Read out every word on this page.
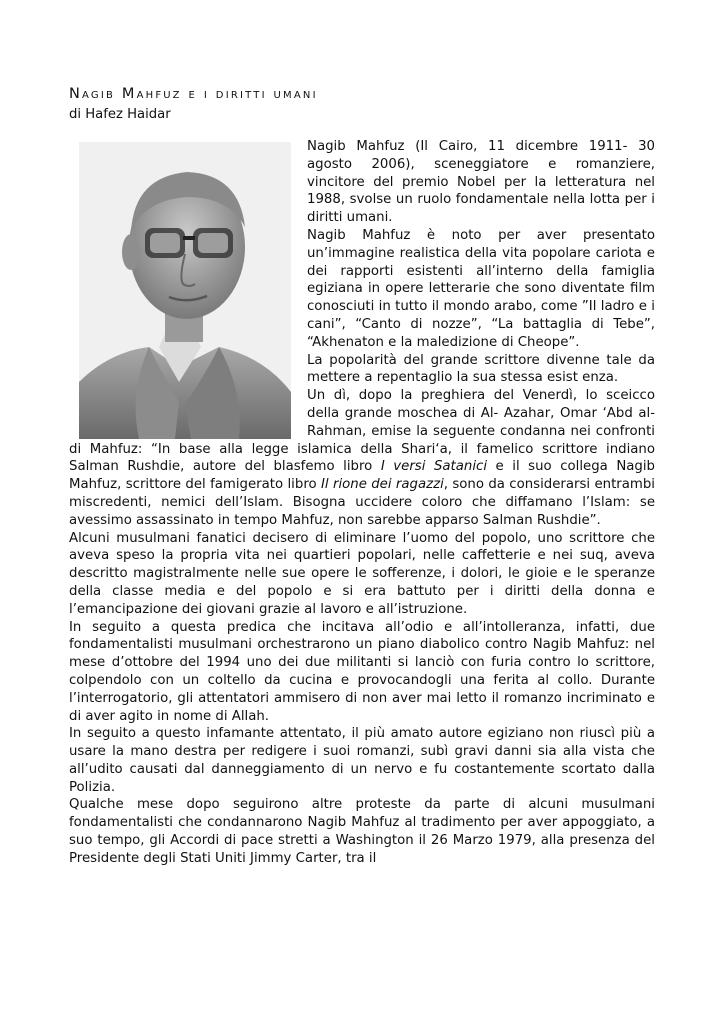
Nagib Mahfuz e i diritti umani
di Hafez Haidar

Nagib Mahfuz (Il Cairo, 11 dicembre 1911- 30 agosto 2006), sceneggiatore e romanziere, vincitore del premio Nobel per la letteratura nel 1988, svolse un ruolo fondamentale nella lotta per i diritti umani.

Nagib Mahfuz è noto per aver presentato un’immagine realistica della vita popolare cariota e dei rapporti esistenti all’interno della famiglia egiziana in opere letterarie che sono diventate film conosciuti in tutto il mondo arabo, come ”Il ladro e i cani”, “Canto di nozze”, “La battaglia di Tebe”, “Akhenaton e la maledizione di Cheope”.

La popolarità del grande scrittore divenne tale da mettere a repentaglio la sua stessa esist enza.

Un dì, dopo la preghiera del Venerdì, lo sceicco della grande moschea di Al- Azahar, Omar ‘Abd al- Rahman, emise la seguente condanna nei confronti di Mahfuz: “In base alla legge islamica della Shari‘a, il famelico scrittore indiano Salman Rushdie, autore del blasfemo libro I versi Satanici e il suo collega Nagib Mahfuz, scrittore del famigerato libro Il rione dei ragazzi, sono da considerarsi entrambi miscredenti, nemici dell’Islam. Bisogna uccidere coloro che diffamano l’Islam: se avessimo assassinato in tempo Mahfuz, non sarebbe apparso Salman Rushdie”.

Alcuni musulmani fanatici decisero di eliminare l’uomo del popolo, uno scrittore che aveva speso la propria vita nei quartieri popolari, nelle caffetterie e nei suq, aveva descritto magistralmente nelle sue opere le sofferenze, i dolori, le gioie e le speranze della classe media e del popolo e si era battuto per i diritti della donna e l’emancipazione dei giovani grazie al lavoro e all’istruzione.

In seguito a questa predica che incitava all’odio e all’intolleranza, infatti, due fondamentalisti musulmani orchestrarono un piano diabolico contro Nagib Mahfuz: nel mese d’ottobre del 1994 uno dei due militanti si lanciò con furia contro lo scrittore, colpendolo con un coltello da cucina e provocandogli una ferita al collo. Durante l’interrogatorio, gli attentatori ammisero di non aver mai letto il romanzo incriminato e di aver agito in nome di Allah.

In seguito a questo infamante attentato, il più amato autore egiziano non riuscì più a usare la mano destra per redigere i suoi romanzi, subì gravi danni sia alla vista che all’udito causati dal danneggiamento di un nervo e fu costantemente scortato dalla Polizia.

Qualche mese dopo seguirono altre proteste da parte di alcuni musulmani fondamentalisti che condannarono Nagib Mahfuz al tradimento per aver appoggiato, a suo tempo, gli Accordi di pace stretti a Washington il 26 Marzo 1979, alla presenza del Presidente degli Stati Uniti Jimmy Carter, tra il
